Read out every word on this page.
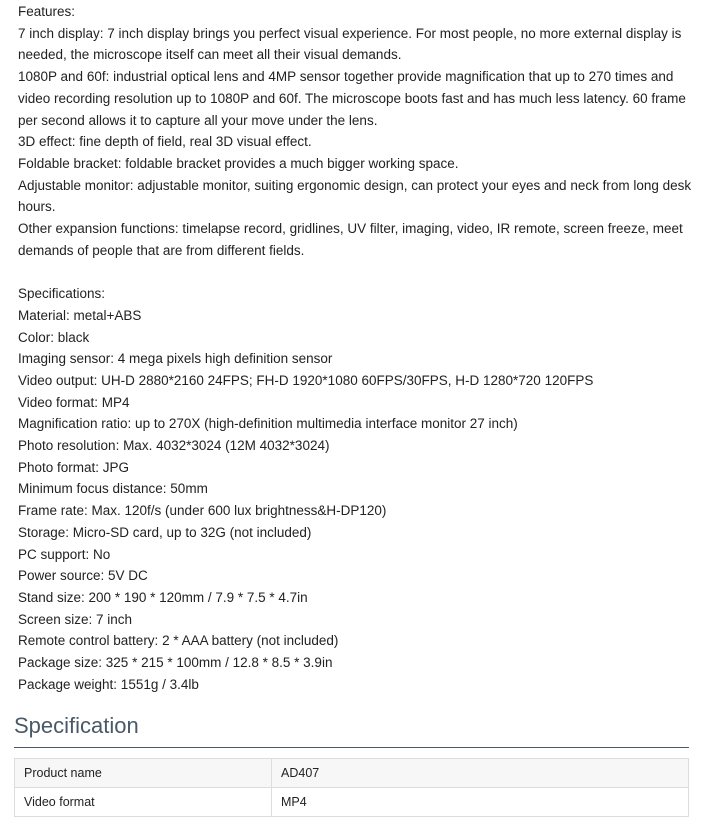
Features:
7 inch display: 7 inch display brings you perfect visual experience. For most people, no more external display is needed, the microscope itself can meet all their visual demands.
1080P and 60f: industrial optical lens and 4MP sensor together provide magnification that up to 270 times and video recording resolution up to 1080P and 60f. The microscope boots fast and has much less latency. 60 frame per second allows it to capture all your move under the lens.
3D effect: fine depth of field, real 3D visual effect.
Foldable bracket: foldable bracket provides a much bigger working space.
Adjustable monitor: adjustable monitor, suiting ergonomic design, can protect your eyes and neck from long desk hours.
Other expansion functions: timelapse record, gridlines, UV filter, imaging, video, IR remote, screen freeze, meet demands of people that are from different fields.
Specifications:
Material: metal+ABS
Color: black
Imaging sensor: 4 mega pixels high definition sensor
Video output: UH-D 2880*2160 24FPS; FH-D 1920*1080 60FPS/30FPS, H-D 1280*720 120FPS
Video format: MP4
Magnification ratio: up to 270X (high-definition multimedia interface monitor 27 inch)
Photo resolution: Max. 4032*3024 (12M 4032*3024)
Photo format: JPG
Minimum focus distance: 50mm
Frame rate: Max. 120f/s (under 600 lux brightness&H-DP120)
Storage: Micro-SD card, up to 32G (not included)
PC support: No
Power source: 5V DC
Stand size: 200 * 190 * 120mm / 7.9 * 7.5 * 4.7in
Screen size: 7 inch
Remote control battery: 2 * AAA battery (not included)
Package size: 325 * 215 * 100mm / 12.8 * 8.5 * 3.9in
Package weight: 1551g / 3.4lb
Specification
Product name	AD407
Video format	MP4
